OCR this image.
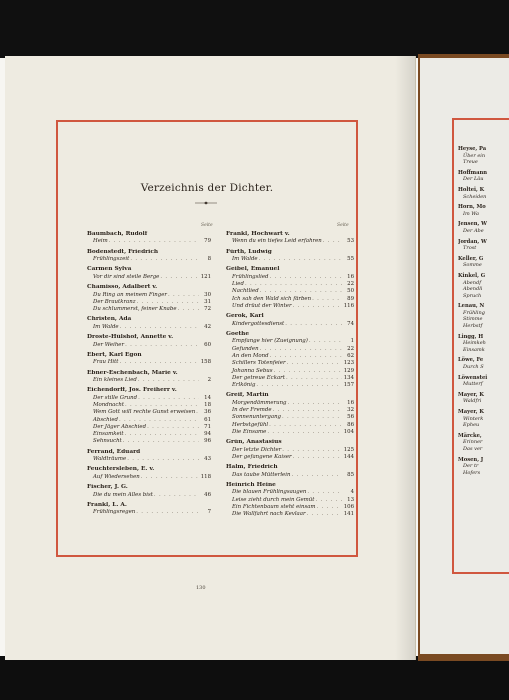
Verzeichnis der Dichter.
Seite	Seite
Baumbach, Rudolf
Heim . . .	79
Bodenstedt, Friedrich
Frühlingszeit . . .	8
Carmen Sylva
Vor dir sind steile Berge . . .	121
Chamisso, Adalbert v.
Du Ring an meinem Finger . . .	30
Der Brautkranz . . .	31
Du schlummerst, feiner Knabe . . .	72
Christen, Ada
Im Walde . . .	42
Droste-Hülshof, Annette v.
Der Weiher . . .	60
Ebert, Karl Egon
Frau Hitt . . .	158
Ebner-Eschenbach, Marie v.
Ein kleines Lied . . .	2
Eichendorff, Jos. Freiherr v.
Der stille Grund . . .	14
Mondnacht . . .	18
Wem Gott will rechte Gunst erweisen . . .	36
Abschied . . .	61
Der Jäger Abschied . . .	71
Einsamkeit . . .	94
Sehnsucht . . .	96
Ferrand, Eduard
Waldträume . . .	43
Feuchtersleben, E. v.
Auf Wiedersehen . . .	118
Fischer, J. G.
Die du mein Alles bist . . .	46
Frankl, L. A.
Frühlingsregen . . .	7
Frankl, Hochwart v.
Wenn du ein tiefes Leid erfahren . . .	53
Fürth, Ludwig
Im Walde . . .	55
Geibel, Emanuel
Frühlingslied . . .	16
Lied . . .	22
Nachtlied . . .	50
Ich sah den Wald sich färben . . .	89
Und drüut der Winter . . .	116
Gerok, Karl
Kindergottesdienst . . .	74
Goethe
Empfange hier (Zueignung) . . .	1
Gefunden . . .	22
An den Mond . . .	62
Schillers Totenfeier . . .	123
Johanna Sebus . . .	129
Der getreue Eckart . . .	134
Erlkönig . . .	157
Greif, Martin
Morgendämmerung . . .	16
In der Fremde . . .	32
Sonnenuntergang . . .	56
Herbstgefühl . . .	86
Die Einsame . . .	104
Grün, Anastasius
Der letzte Dichter . . .	125
Der gefangene Kaiser . . .	144
Halm, Friedrich
Das taube Mütterlein . . .	85
Heinrich Heine
Die blauen Frühlingsaugen . . .	4
Leise zieht durch mein Gemüt . . .	13
Ein Fichtenbaum steht einsam . . .	106
Die Wallfahrt nach Kevlaar . . .	141
130
Heyse, Pa
Über ein
Treue
Hoffmann
Der Läu
Holtei, K
Scheiden
Horn, Mo
Im Wa
Jensen, W
Der Abe
Jordan, W
Trost
Keller, G
Somme
Kinkel, G
Abendf
Abendli
Spruch
Lenau, N
Frühling
Stimme
Herbstf
Lingg, H
Heimkeh
Einsamk
Löwe, Fe
Durch S
Löwenstei
Mutterf
Mayer, K
Waldfri
Mayer, K
Winterk
Epheu
Märcke,
Erinner
Das ver
Mosen, J
Der tr
Hofers
